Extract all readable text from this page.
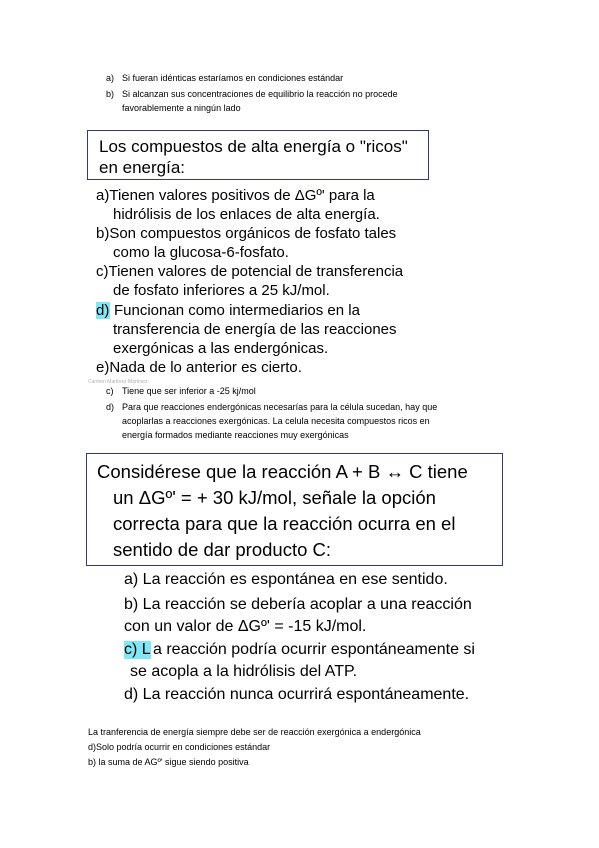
a) Si fueran idénticas estaríamos en condiciones estándar
b) Si alcanzan sus concentraciones de equilibrio la reacción no procede
favorablemente a ningún lado
Los compuestos de alta energía o "ricos"
en energía:
a)Tienen valores positivos de ΔGº' para la
hidrólisis de los enlaces de alta energía.
b)Son compuestos orgánicos de fosfato tales
como la glucosa-6-fosfato.
c)Tienen valores de potencial de transferencia
de fosfato inferiores a 25 kJ/mol.
d) Funcionan como intermediarios en la
transferencia de energía de las reacciones
exergónicas a las endergónicas.
e)Nada de lo anterior es cierto.
Carmen Martínez Martínez
c) Tiene que ser inferior a -25 kj/mol
d) Para que reacciones endergónicas necesarías para la célula sucedan, hay que
acoplarlas a reacciones exergónicas. La celula necesita compuestos ricos en
energía formados mediante reacciones muy exergónicas
Considérese que la reacción A + B ↔ C tiene
un ΔGº' = + 30 kJ/mol, señale la opción
correcta para que la reacción ocurra en el
sentido de dar producto C:
a) La reacción es espontánea en ese sentido.
b) La reacción se debería acoplar a una reacción
con un valor de ΔGº' = -15 kJ/mol.
c) L a reacción podría ocurrir espontáneamente si
se acopla a la hidrólisis del ATP.
d) La reacción nunca ocurrirá espontáneamente.
La tranferencia de energía siempre debe ser de reacción exergónica a endergónica
d)Solo podría ocurrir en condiciones estándar
b) la suma de AGº' sigue siendo positiva
